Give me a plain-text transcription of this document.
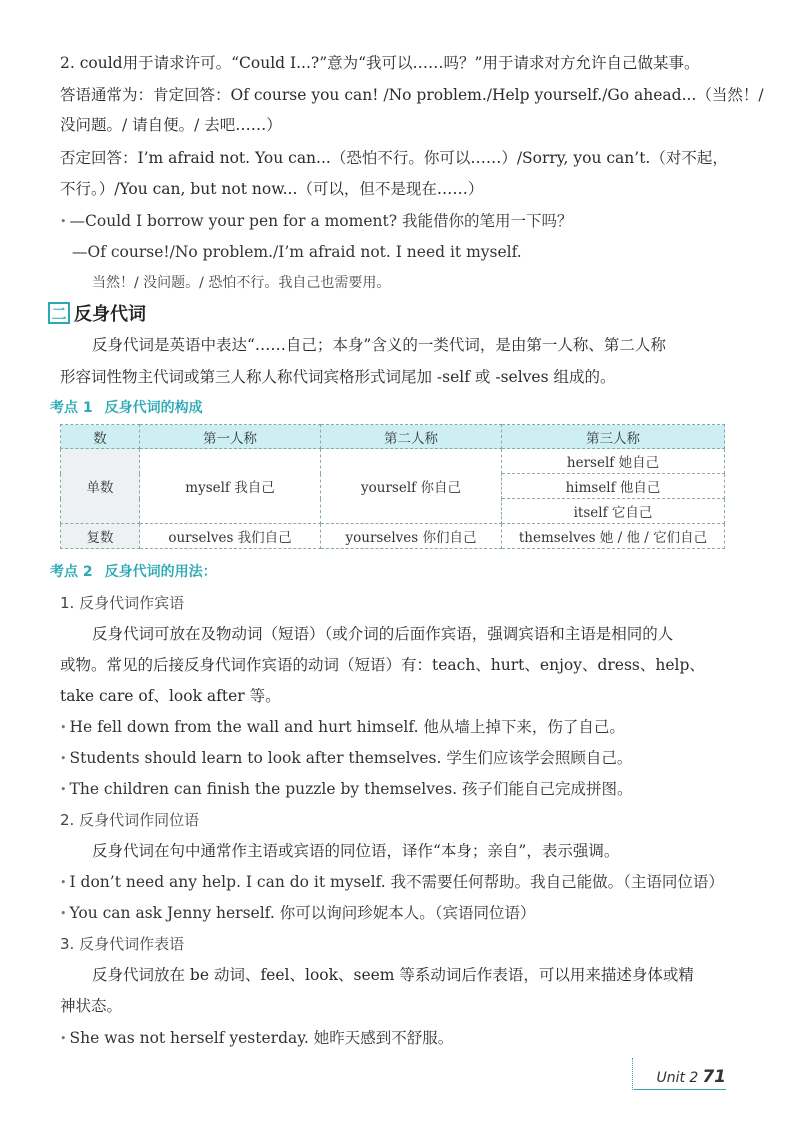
2. could用于请求许可。“Could I...?”意为“我可以……吗？”用于请求对方允许自己做某事。
答语通常为：肯定回答：Of course you can! /No problem./Help yourself./Go ahead...（当然！/
没问题。/ 请自便。/ 去吧……）
否定回答：I’m afraid not. You can...（恐怕不行。你可以……）/Sorry, you can’t.（对不起，
不行。）/You can, but not now...（可以，但不是现在……）
• —Could I borrow your pen for a moment? 我能借你的笔用一下吗？
—Of course!/No problem./I’m afraid not. I need it myself.
当然！/ 没问题。/ 恐怕不行。我自己也需要用。
二 反身代词
反身代词是英语中表达“……自己；本身”含义的一类代词，是由第一人称、第二人称
形容词性物主代词或第三人称人称代词宾格形式词尾加 -self 或 -selves 组成的。
考点 1 反身代词的构成
数	第一人称	第二人称	第三人称
单数	myself 我自己	yourself 你自己	herself 她自己
			himself 他自己
			itself 它自己
复数	ourselves 我们自己	yourselves 你们自己	themselves 她 / 他 / 它们自己
考点 2 反身代词的用法：
1. 反身代词作宾语
反身代词可放在及物动词（短语）（或介词的后面作宾语，强调宾语和主语是相同的人
或物。常见的后接反身代词作宾语的动词（短语）有：teach、hurt、enjoy、dress、help、
take care of、look after 等。
• He fell down from the wall and hurt himself. 他从墙上掉下来，伤了自己。
• Students should learn to look after themselves. 学生们应该学会照顾自己。
• The children can finish the puzzle by themselves. 孩子们能自己完成拼图。
2. 反身代词作同位语
反身代词在句中通常作主语或宾语的同位语，译作“本身；亲自”，表示强调。
• I don’t need any help. I can do it myself. 我不需要任何帮助。我自己能做。（主语同位语）
• You can ask Jenny herself. 你可以询问珍妮本人。（宾语同位语）
3. 反身代词作表语
反身代词放在 be 动词、feel、look、seem 等系动词后作表语，可以用来描述身体或精
神状态。
• She was not herself yesterday. 她昨天感到不舒服。
Unit 2 71
